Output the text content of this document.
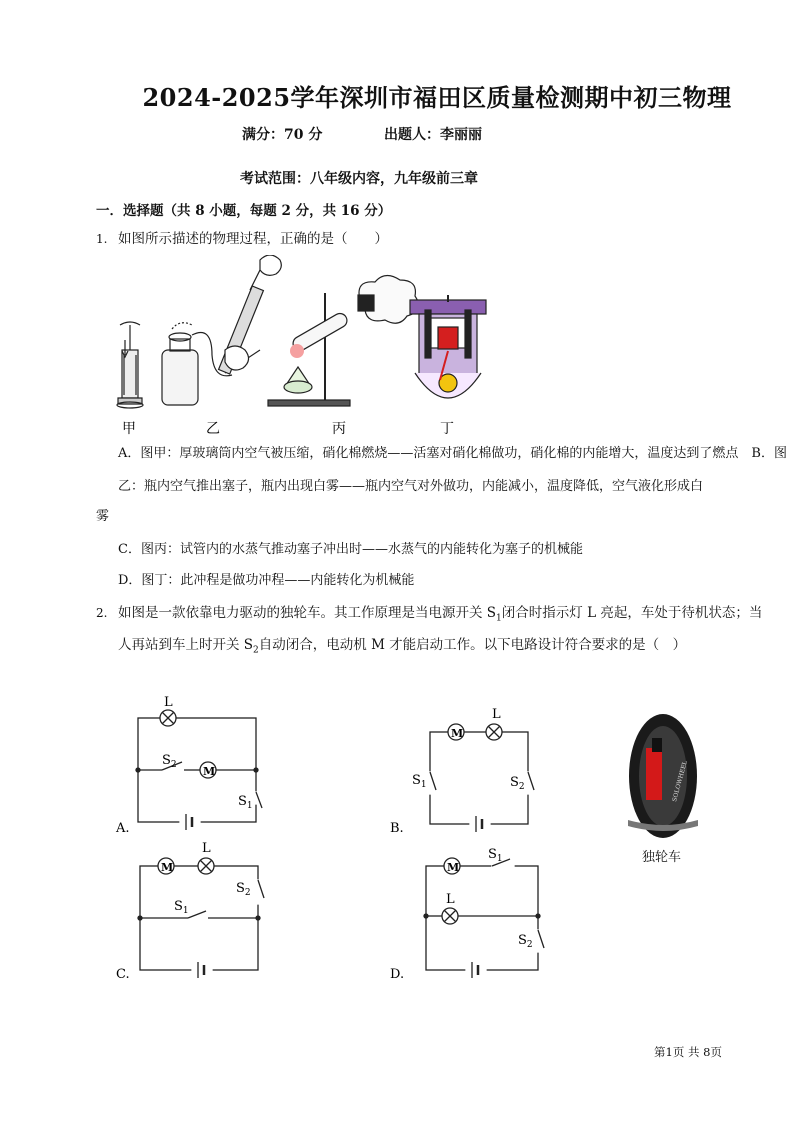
2024-2025学年深圳市福田区质量检测期中初三物理
满分：70 分	出题人：李丽丽
考试范围：八年级内容，九年级前三章
一．选择题（共 8 小题，每题 2 分，共 16 分）
1. 如图所示描述的物理过程，正确的是（　　）
甲	乙	丙	丁
A．图甲：厚玻璃筒内空气被压缩，硝化棉燃烧——活塞对硝化棉做功，硝化棉的内能增大，温度达到了燃点　B．图
乙：瓶内空气推出塞子，瓶内出现白雾——瓶内空气对外做功，内能减小，温度降低，空气液化形成白
雾
C．图丙：试管内的水蒸气推动塞子冲出时——水蒸气的内能转化为塞子的机械能
D．图丁：此冲程是做功冲程——内能转化为机械能
2. 如图是一款依靠电力驱动的独轮车。其工作原理是当电源开关 $S_1$闭合时指示灯 L 亮起，车处于待机状态；当
人再站到车上时开关 $S_2$自动闭合，电动机 M 才能启动工作。以下电路设计符合要求的是（　）
L
M
$S_2$
$S_1$
A.
M
L
$S_1$	$S_2$
B.
M
L
$S_1$
$S_2$
C.
M
$S_1$
L
$S_2$
D.
SOLOWHEEL
独轮车
第1页 共 8页
